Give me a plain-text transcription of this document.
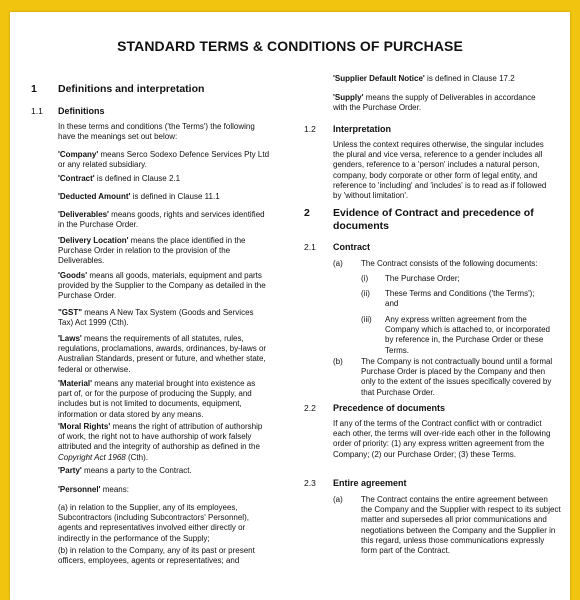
STANDARD TERMS & CONDITIONS OF PURCHASE
1 Definitions and interpretation
1.1 Definitions
In these terms and conditions ('the Terms') the following have the meanings set out below:
'Company' means Serco Sodexo Defence Services Pty Ltd or any related subsidiary.
'Contract' is defined in Clause 2.1
'Deducted Amount' is defined in Clause 11.1
'Deliverables' means goods, rights and services identified in the Purchase Order.
'Delivery Location' means the place identified in the Purchase Order in relation to the provision of the Deliverables.
'Goods' means all goods, materials, equipment and parts provided by the Supplier to the Company as detailed in the Purchase Order.
"GST" means A New Tax System (Goods and Services Tax) Act 1999 (Cth).
'Laws' means the requirements of all statutes, rules, regulations, proclamations, awards, ordinances, by-laws or Australian Standards, present or future, and whether state, federal or otherwise.
'Material' means any material brought into existence as part of, or for the purpose of producing the Supply, and includes but is not limited to documents, equipment, information or data stored by any means.
'Moral Rights' means the right of attribution of authorship of work, the right not to have authorship of work falsely attributed and the integrity of authorship as defined in the Copyright Act 1968 (Cth).
'Party' means a party to the Contract.
'Personnel' means:
(a) in relation to the Supplier, any of its employees, Subcontractors (including Subcontractors' Personnel), agents and representatives involved either directly or indirectly in the performance of the Supply;
(b) in relation to the Company, any of its past or present officers, employees, agents or representatives; and
'Supplier Default Notice' is defined in Clause 17.2
'Supply' means the supply of Deliverables in accordance with the Purchase Order.
1.2 Interpretation
Unless the context requires otherwise, the singular includes the plural and vice versa, reference to a gender includes all genders, reference to a 'person' includes a natural person, company, body corporate or other form of legal entity, and reference to 'including' and 'includes' is to read as if followed by 'without limitation'.
2 Evidence of Contract and precedence of documents
2.1 Contract
(a) The Contract consists of the following documents:
(i) The Purchase Order;
(ii) These Terms and Conditions ('the Terms'); and
(iii) Any express written agreement from the Company which is attached to, or incorporated by reference in, the Purchase Order or these Terms.
(b) The Company is not contractually bound until a formal Purchase Order is placed by the Company and then only to the extent of the issues specifically covered by that Purchase Order.
2.2 Precedence of documents
If any of the terms of the Contract conflict with or contradict each other, the terms will over-ride each other in the following order of priority: (1) any express written agreement from the Company; (2) our Purchase Order; (3) these Terms.
2.3 Entire agreement
(a) The Contract contains the entire agreement between the Company and the Supplier with respect to its subject matter and supersedes all prior communications and negotiations between the Company and the Supplier in this regard, unless those communications expressly form part of the Contract.
